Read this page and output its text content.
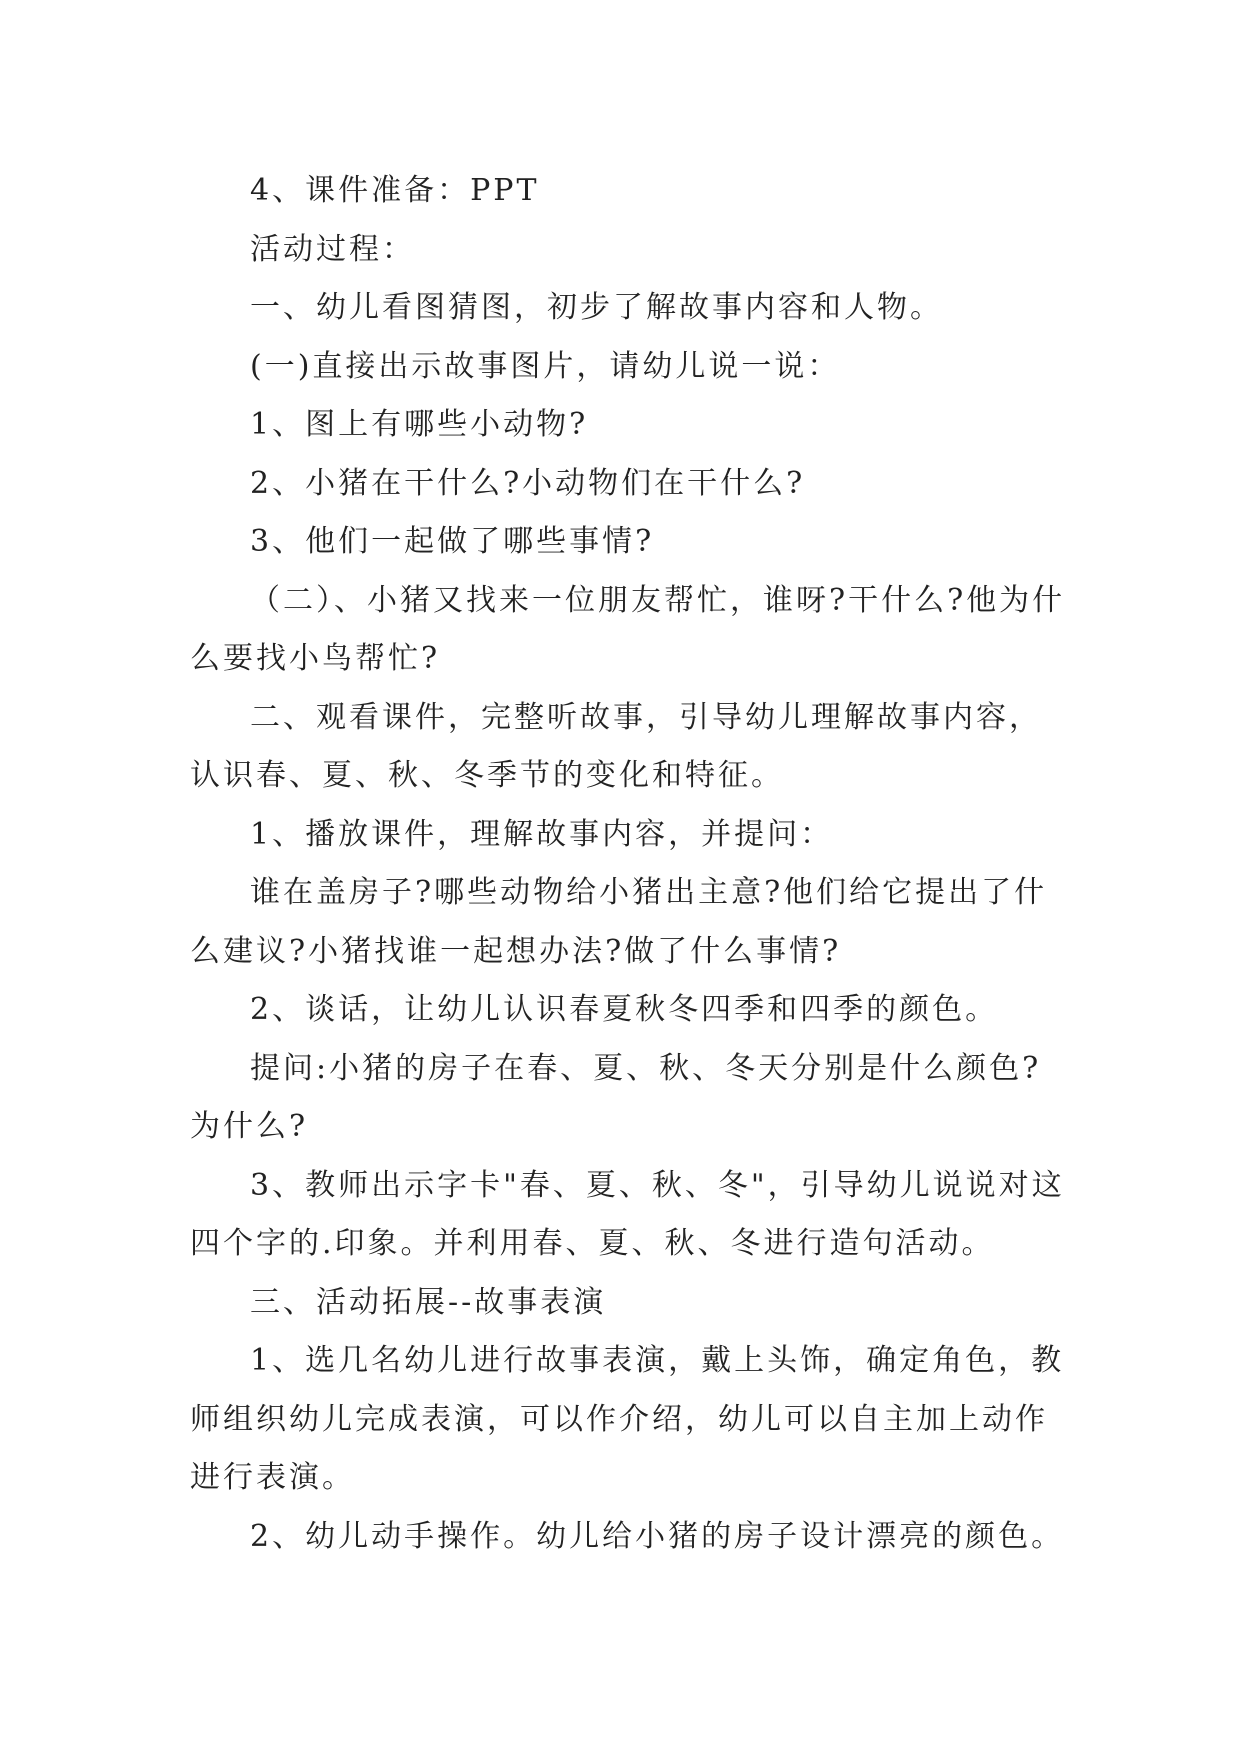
4、课件准备：PPT

活动过程：

一、幼儿看图猜图，初步了解故事内容和人物。

(一)直接出示故事图片，请幼儿说一说：

1、图上有哪些小动物?

2、小猪在干什么?小动物们在干什么?

3、他们一起做了哪些事情?

（二）、小猪又找来一位朋友帮忙，谁呀?干什么?他为什么要找小鸟帮忙?

二、观看课件，完整听故事，引导幼儿理解故事内容，认识春、夏、秋、冬季节的变化和特征。

1、播放课件，理解故事内容，并提问：

谁在盖房子?哪些动物给小猪出主意?他们给它提出了什么建议?小猪找谁一起想办法?做了什么事情?

2、谈话，让幼儿认识春夏秋冬四季和四季的颜色。

提问:小猪的房子在春、夏、秋、冬天分别是什么颜色?为什么?

3、教师出示字卡"春、夏、秋、冬"，引导幼儿说说对这四个字的.印象。并利用春、夏、秋、冬进行造句活动。

三、活动拓展--故事表演

1、选几名幼儿进行故事表演，戴上头饰，确定角色，教师组织幼儿完成表演，可以作介绍，幼儿可以自主加上动作进行表演。

2、幼儿动手操作。幼儿给小猪的房子设计漂亮的颜色。
